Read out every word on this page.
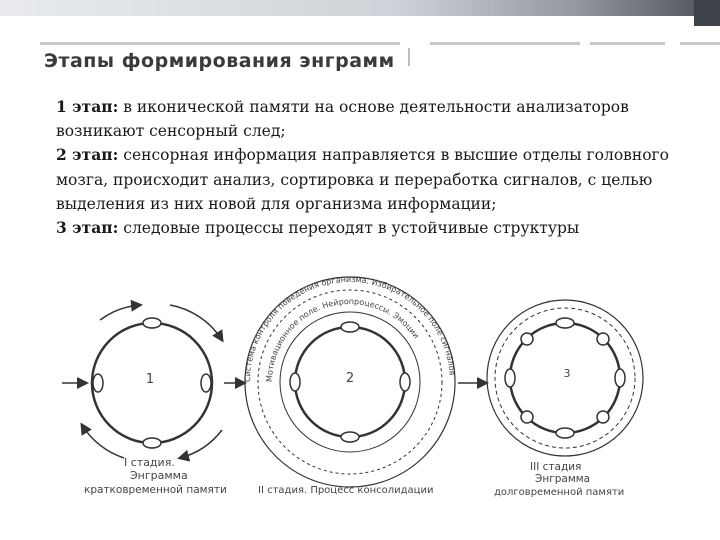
Этапы формирования энграмм

1 этап: в иконической памяти на основе деятельности анализаторов возникают сенсорный след;

2 этап: сенсорная информация направляется в высшие отделы головного мозга, происходит анализ, сортировка и переработка сигналов, с целью выделения из них новой для организма информации;

3 этап: следовые процессы переходят в устойчивые структуры

1	Система контроля поведения организма. Избирательное поле сигналов
Мотивационное поле. Нейропроцессы. Эмоции
2	3
I стадия.
Энграмма
кратковременной памяти	II стадия. Процесс консолидации
III стадия
Энграмма
долговременной памяти
